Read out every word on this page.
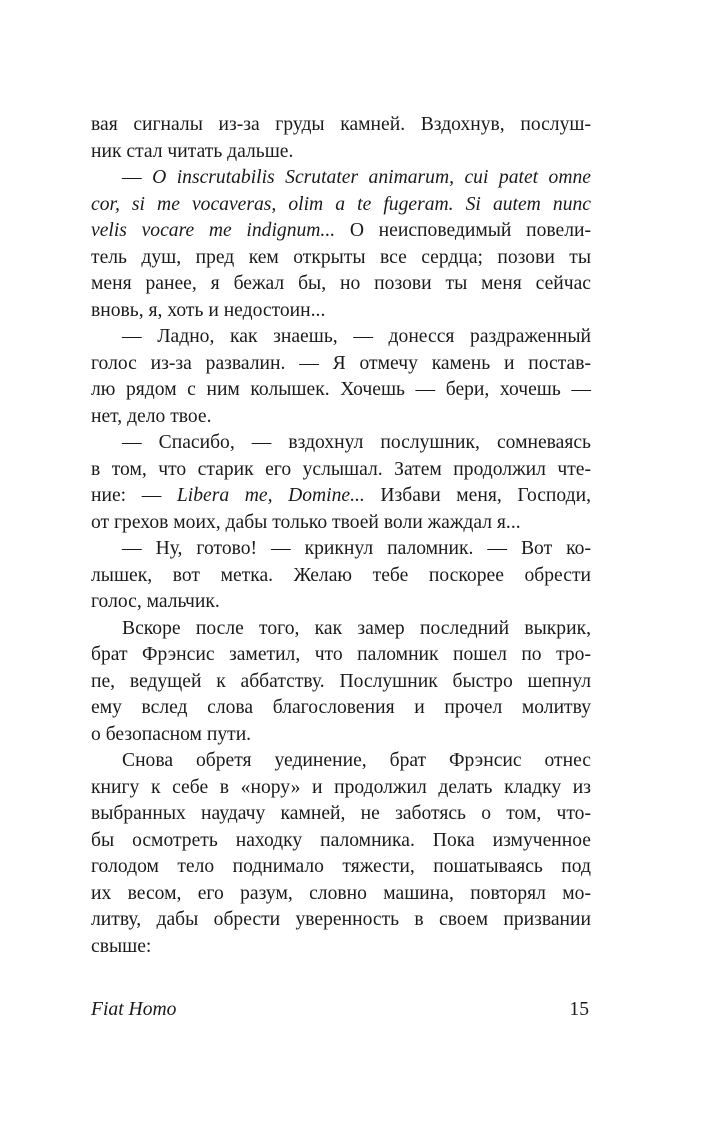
вая сигналы из-за груды камней. Вздохнув, послуш-
ник стал читать дальше.
— O inscrutabilis Scrutater animarum, cui patet omne
cor, si me vocaveras, olim a te fugeram. Si autem nunc
velis vocare me indignum... О неисповедимый повели-
тель душ, пред кем открыты все сердца; позови ты
меня ранее, я бежал бы, но позови ты меня сейчас
вновь, я, хоть и недостоин...
— Ладно, как знаешь, — донесся раздраженный
голос из-за развалин. — Я отмечу камень и постав-
лю рядом с ним колышек. Хочешь — бери, хочешь —
нет, дело твое.
— Спасибо, — вздохнул послушник, сомневаясь
в том, что старик его услышал. Затем продолжил чте-
ние: — Libera me, Domine... Избави меня, Господи,
от грехов моих, дабы только твоей воли жаждал я...
— Ну, готово! — крикнул паломник. — Вот ко-
лышек, вот метка. Желаю тебе поскорее обрести
голос, мальчик.
Вскоре после того, как замер последний выкрик,
брат Фрэнсис заметил, что паломник пошел по тро-
пе, ведущей к аббатству. Послушник быстро шепнул
ему вслед слова благословения и прочел молитву
о безопасном пути.
Снова обретя уединение, брат Фрэнсис отнес
книгу к себе в «нору» и продолжил делать кладку из
выбранных наудачу камней, не заботясь о том, что-
бы осмотреть находку паломника. Пока измученное
голодом тело поднимало тяжести, пошатываясь под
их весом, его разум, словно машина, повторял мо-
литву, дабы обрести уверенность в своем призвании
свыше:
Fiat Homo	15
